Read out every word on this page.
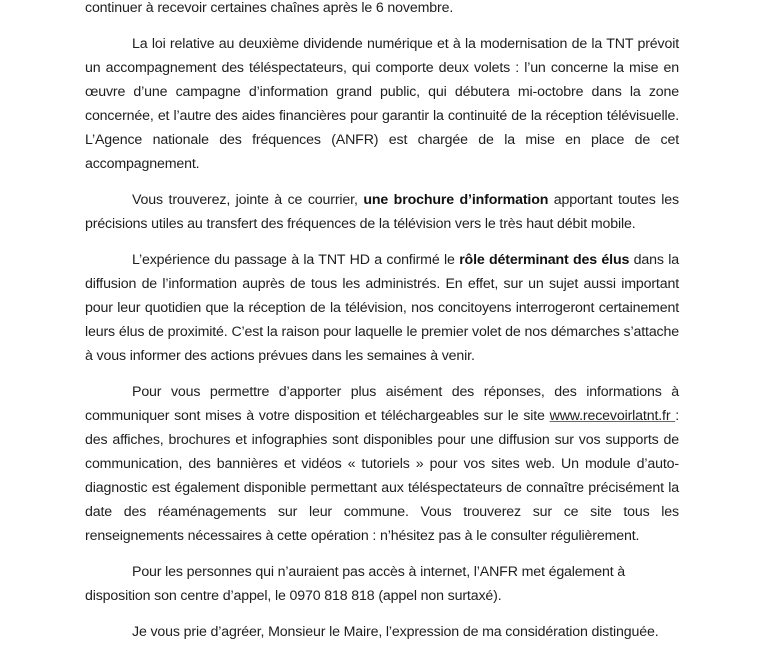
continuer à recevoir certaines chaînes après le 6 novembre.

La loi relative au deuxième dividende numérique et à la modernisation de la TNT prévoit un accompagnement des téléspectateurs, qui comporte deux volets : l’un concerne la mise en œuvre d’une campagne d’information grand public, qui débutera mi-octobre dans la zone concernée, et l’autre des aides financières pour garantir la continuité de la réception télévisuelle. L’Agence nationale des fréquences (ANFR) est chargée de la mise en place de cet accompagnement.

Vous trouverez, jointe à ce courrier, une brochure d’information apportant toutes les précisions utiles au transfert des fréquences de la télévision vers le très haut débit mobile.

L’expérience du passage à la TNT HD a confirmé le rôle déterminant des élus dans la diffusion de l’information auprès de tous les administrés. En effet, sur un sujet aussi important pour leur quotidien que la réception de la télévision, nos concitoyens interrogeront certainement leurs élus de proximité. C’est la raison pour laquelle le premier volet de nos démarches s’attache à vous informer des actions prévues dans les semaines à venir.

Pour vous permettre d’apporter plus aisément des réponses, des informations à communiquer sont mises à votre disposition et téléchargeables sur le site www.recevoirlatnt.fr : des affiches, brochures et infographies sont disponibles pour une diffusion sur vos supports de communication, des bannières et vidéos « tutoriels » pour vos sites web. Un module d’auto-diagnostic est également disponible permettant aux téléspectateurs de connaître précisément la date des réaménagements sur leur commune. Vous trouverez sur ce site tous les renseignements nécessaires à cette opération : n’hésitez pas à le consulter régulièrement.

Pour les personnes qui n’auraient pas accès à internet, l’ANFR met également à disposition son centre d’appel, le 0970 818 818 (appel non surtaxé).

Je vous prie d’agréer, Monsieur le Maire, l’expression de ma considération distinguée.
